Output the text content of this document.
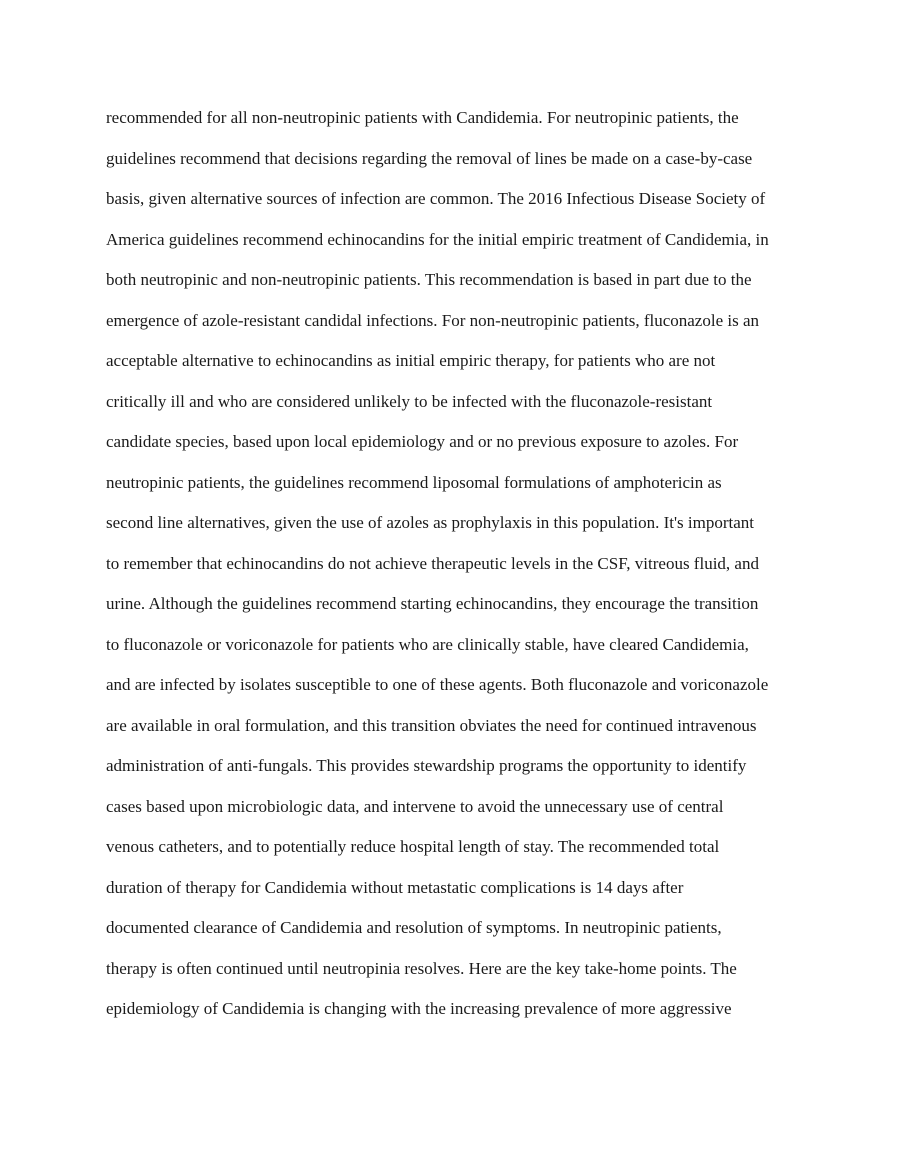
recommended for all non-neutropinic patients with Candidemia. For neutropinic patients, the
guidelines recommend that decisions regarding the removal of lines be made on a case-by-case
basis, given alternative sources of infection are common. The 2016 Infectious Disease Society of
America guidelines recommend echinocandins for the initial empiric treatment of Candidemia, in
both neutropinic and non-neutropinic patients. This recommendation is based in part due to the
emergence of azole-resistant candidal infections. For non-neutropinic patients, fluconazole is an
acceptable alternative to echinocandins as initial empiric therapy, for patients who are not
critically ill and who are considered unlikely to be infected with the fluconazole-resistant
candidate species, based upon local epidemiology and or no previous exposure to azoles. For
neutropinic patients, the guidelines recommend liposomal formulations of amphotericin as
second line alternatives, given the use of azoles as prophylaxis in this population. It's important
to remember that echinocandins do not achieve therapeutic levels in the CSF, vitreous fluid, and
urine. Although the guidelines recommend starting echinocandins, they encourage the transition
to fluconazole or voriconazole for patients who are clinically stable, have cleared Candidemia,
and are infected by isolates susceptible to one of these agents. Both fluconazole and voriconazole
are available in oral formulation, and this transition obviates the need for continued intravenous
administration of anti-fungals. This provides stewardship programs the opportunity to identify
cases based upon microbiologic data, and intervene to avoid the unnecessary use of central
venous catheters, and to potentially reduce hospital length of stay. The recommended total
duration of therapy for Candidemia without metastatic complications is 14 days after
documented clearance of Candidemia and resolution of symptoms. In neutropinic patients,
therapy is often continued until neutropinia resolves. Here are the key take-home points. The
epidemiology of Candidemia is changing with the increasing prevalence of more aggressive
